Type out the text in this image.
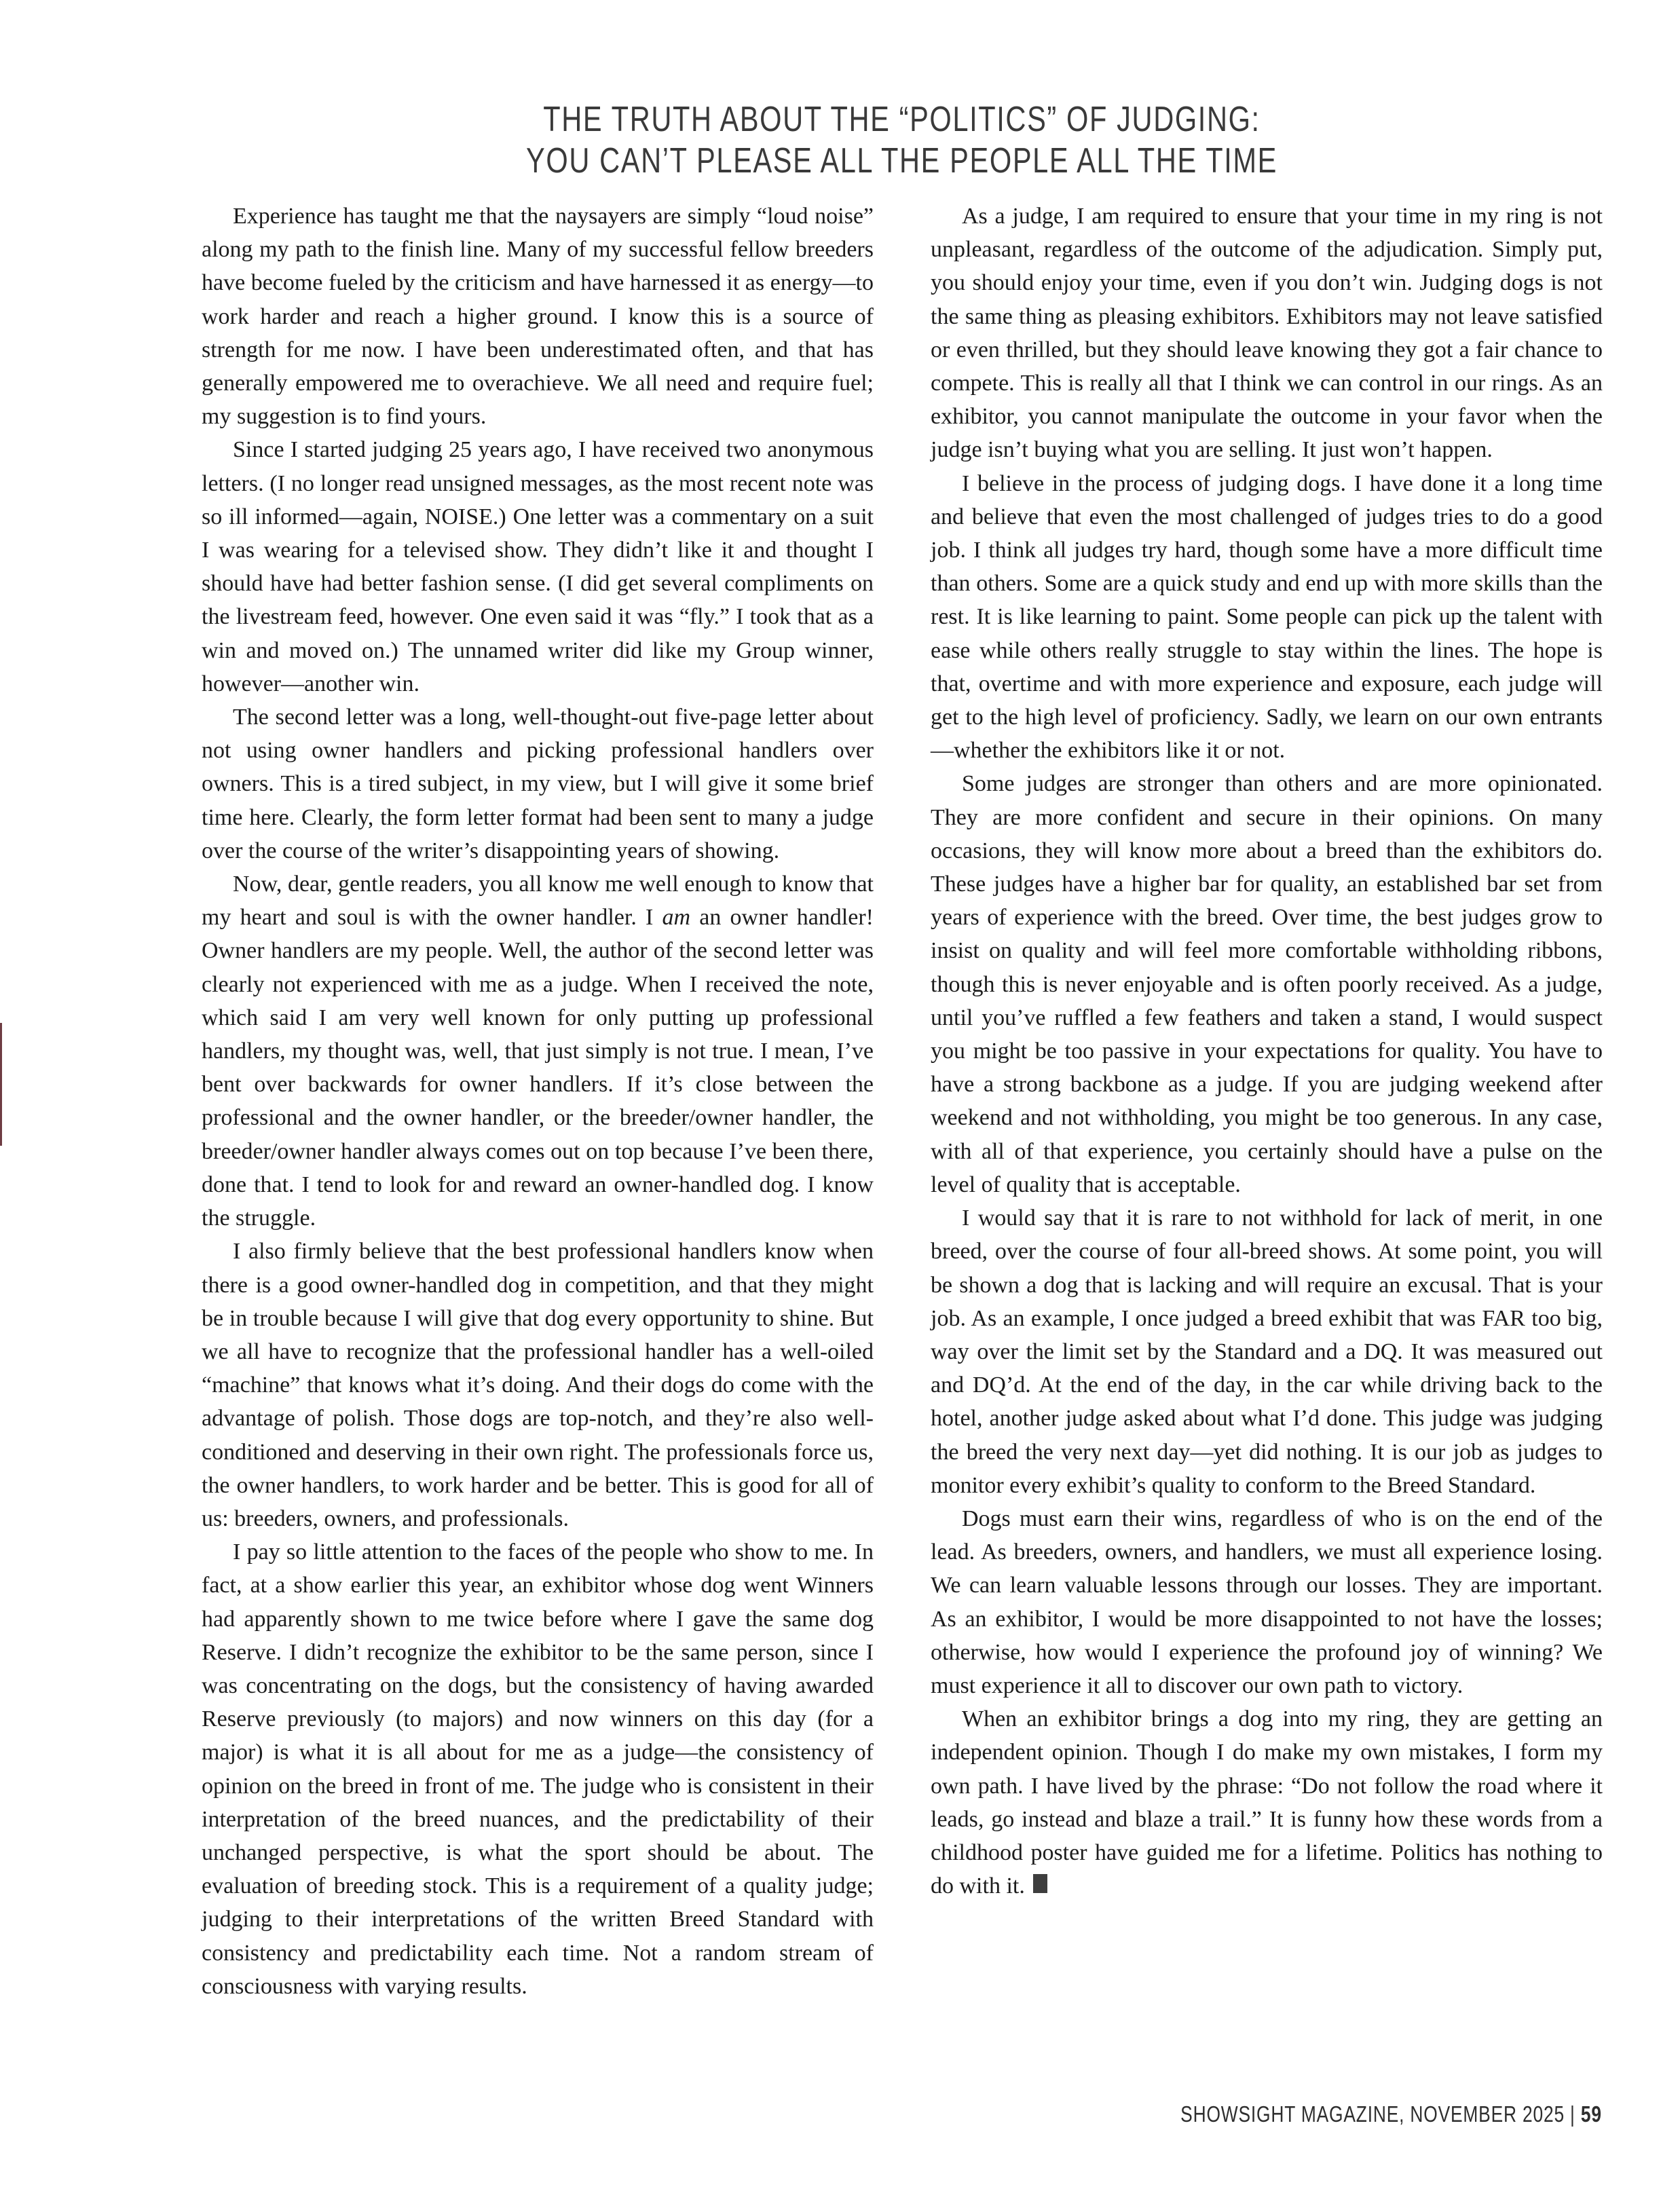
THE TRUTH ABOUT THE “POLITICS” OF JUDGING:
YOU CAN’T PLEASE ALL THE PEOPLE ALL THE TIME

Experience has taught me that the naysayers are simply “loud noise” along my path to the finish line. Many of my successful fellow breeders have become fueled by the criticism and have harnessed it as energy—to work harder and reach a higher ground. I know this is a source of strength for me now. I have been underestimated often, and that has generally empowered me to overachieve. We all need and require fuel; my suggestion is to find yours.

Since I started judging 25 years ago, I have received two anonymous letters. (I no longer read unsigned messages, as the most recent note was so ill informed—again, NOISE.) One letter was a commentary on a suit I was wearing for a televised show. They didn’t like it and thought I should have had better fashion sense. (I did get several compliments on the livestream feed, however. One even said it was “fly.” I took that as a win and moved on.) The unnamed writer did like my Group winner, however—another win.

The second letter was a long, well-thought-out five-page letter about not using owner handlers and picking professional handlers over owners. This is a tired subject, in my view, but I will give it some brief time here. Clearly, the form letter format had been sent to many a judge over the course of the writer’s disappointing years of showing.

Now, dear, gentle readers, you all know me well enough to know that my heart and soul is with the owner handler. I am an owner handler! Owner handlers are my people. Well, the author of the second letter was clearly not experienced with me as a judge. When I received the note, which said I am very well known for only putting up professional handlers, my thought was, well, that just simply is not true. I mean, I’ve bent over backwards for owner handlers. If it’s close between the professional and the owner handler, or the breeder/owner handler, the breeder/owner handler always comes out on top because I’ve been there, done that. I tend to look for and reward an owner-handled dog. I know the struggle.

I also firmly believe that the best professional handlers know when there is a good owner-handled dog in competition, and that they might be in trouble because I will give that dog every opportunity to shine. But we all have to recognize that the professional handler has a well-oiled “machine” that knows what it’s doing. And their dogs do come with the advantage of polish. Those dogs are top-notch, and they’re also well-conditioned and deserving in their own right. The professionals force us, the owner handlers, to work harder and be better. This is good for all of us: breeders, owners, and professionals.

I pay so little attention to the faces of the people who show to me. In fact, at a show earlier this year, an exhibitor whose dog went Winners had apparently shown to me twice before where I gave the same dog Reserve. I didn’t recognize the exhibitor to be the same person, since I was concentrating on the dogs, but the consistency of having awarded Reserve previously (to majors) and now winners on this day (for a major) is what it is all about for me as a judge—the consistency of opinion on the breed in front of me. The judge who is consistent in their interpretation of the breed nuances, and the predictability of their unchanged perspective, is what the sport should be about. The evaluation of breeding stock. This is a requirement of a quality judge; judging to their interpretations of the written Breed Standard with consistency and predictability each time. Not a random stream of consciousness with varying results.

As a judge, I am required to ensure that your time in my ring is not unpleasant, regardless of the outcome of the adjudication. Simply put, you should enjoy your time, even if you don’t win. Judging dogs is not the same thing as pleasing exhibitors. Exhibitors may not leave satisfied or even thrilled, but they should leave knowing they got a fair chance to compete. This is really all that I think we can control in our rings. As an exhibitor, you cannot manipulate the outcome in your favor when the judge isn’t buying what you are selling. It just won’t happen.

I believe in the process of judging dogs. I have done it a long time and believe that even the most challenged of judges tries to do a good job. I think all judges try hard, though some have a more difficult time than others. Some are a quick study and end up with more skills than the rest. It is like learning to paint. Some people can pick up the talent with ease while others really struggle to stay within the lines. The hope is that, overtime and with more experience and exposure, each judge will get to the high level of proficiency. Sadly, we learn on our own entrants—whether the exhibitors like it or not.

Some judges are stronger than others and are more opinionated. They are more confident and secure in their opinions. On many occasions, they will know more about a breed than the exhibitors do. These judges have a higher bar for quality, an established bar set from years of experience with the breed. Over time, the best judges grow to insist on quality and will feel more comfortable withholding ribbons, though this is never enjoyable and is often poorly received. As a judge, until you’ve ruffled a few feathers and taken a stand, I would suspect you might be too passive in your expectations for quality. You have to have a strong backbone as a judge. If you are judging weekend after weekend and not withholding, you might be too generous. In any case, with all of that experience, you certainly should have a pulse on the level of quality that is acceptable.

I would say that it is rare to not withhold for lack of merit, in one breed, over the course of four all-breed shows. At some point, you will be shown a dog that is lacking and will require an excusal. That is your job. As an example, I once judged a breed exhibit that was FAR too big, way over the limit set by the Standard and a DQ. It was measured out and DQ’d. At the end of the day, in the car while driving back to the hotel, another judge asked about what I’d done. This judge was judging the breed the very next day—yet did nothing. It is our job as judges to monitor every exhibit’s quality to conform to the Breed Standard.

Dogs must earn their wins, regardless of who is on the end of the lead. As breeders, owners, and handlers, we must all experience losing. We can learn valuable lessons through our losses. They are important. As an exhibitor, I would be more disappointed to not have the losses; otherwise, how would I experience the profound joy of winning? We must experience it all to discover our own path to victory.

When an exhibitor brings a dog into my ring, they are getting an independent opinion. Though I do make my own mistakes, I form my own path. I have lived by the phrase: “Do not follow the road where it leads, go instead and blaze a trail.” It is funny how these words from a childhood poster have guided me for a lifetime. Politics has nothing to do with it.

SHOWSIGHT MAGAZINE, NOVEMBER 2025 | 59
